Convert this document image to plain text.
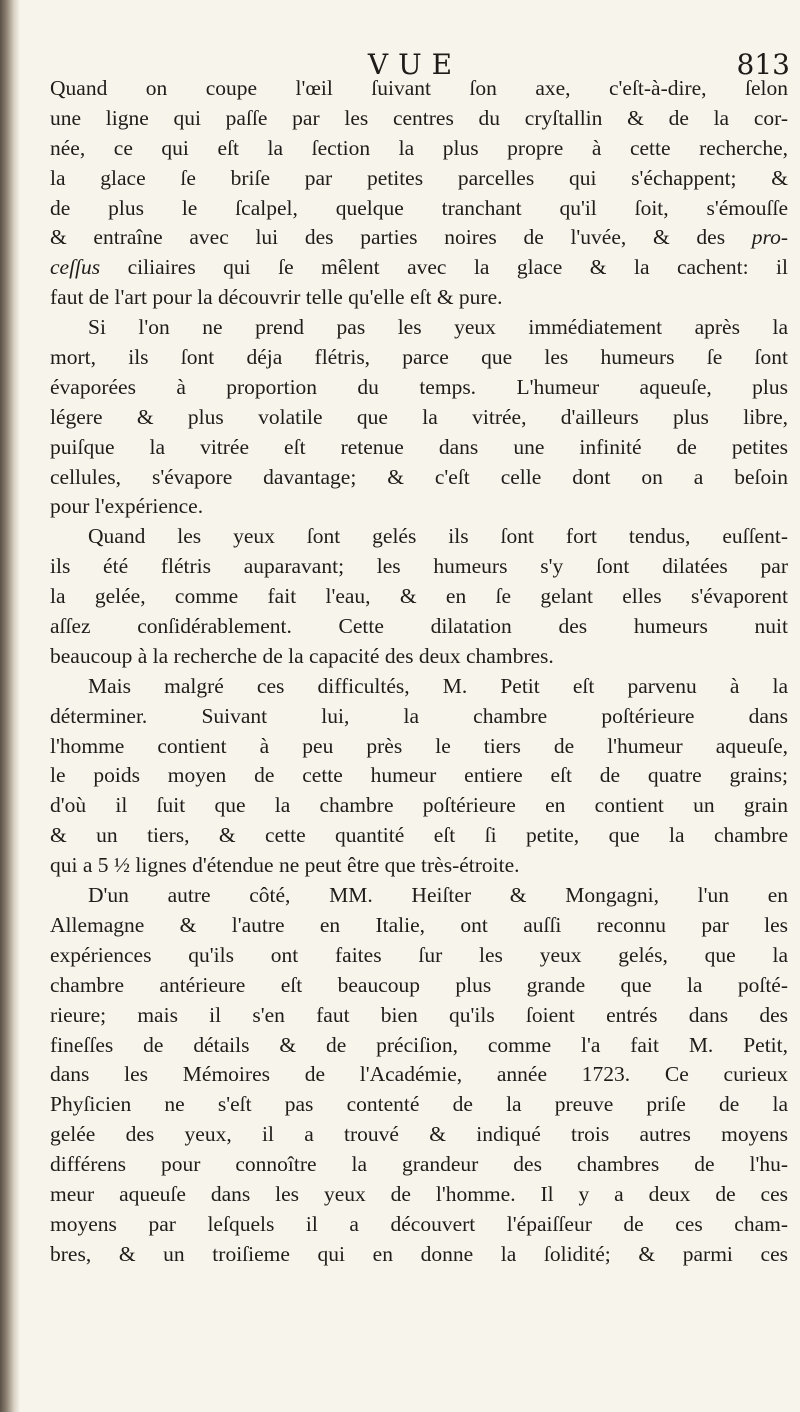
VUE	813
Quand on coupe l'œil ſuivant ſon axe, c'eſt-à-dire, ſelon
une ligne qui paſſe par les centres du cryſtallin & de la cor-
née, ce qui eſt la ſection la plus propre à cette recherche,
la glace ſe briſe par petites parcelles qui s'échappent; &
de plus le ſcalpel, quelque tranchant qu'il ſoit, s'émouſſe
& entraîne avec lui des parties noires de l'uvée, & des pro-
ceſſus ciliaires qui ſe mêlent avec la glace & la cachent: il
faut de l'art pour la découvrir telle qu'elle eſt & pure.
Si l'on ne prend pas les yeux immédiatement après la
mort, ils ſont déja flétris, parce que les humeurs ſe ſont
évaporées à proportion du temps. L'humeur aqueuſe, plus
légere & plus volatile que la vitrée, d'ailleurs plus libre,
puiſque la vitrée eſt retenue dans une infinité de petites
cellules, s'évapore davantage; & c'eſt celle dont on a beſoin
pour l'expérience.
Quand les yeux ſont gelés ils ſont fort tendus, euſſent-
ils été flétris auparavant; les humeurs s'y ſont dilatées par
la gelée, comme fait l'eau, & en ſe gelant elles s'évaporent
aſſez conſidérablement. Cette dilatation des humeurs nuit
beaucoup à la recherche de la capacité des deux chambres.
Mais malgré ces difficultés, M. Petit eſt parvenu à la
déterminer. Suivant lui, la chambre poſtérieure dans
l'homme contient à peu près le tiers de l'humeur aqueuſe,
le poids moyen de cette humeur entiere eſt de quatre grains;
d'où il ſuit que la chambre poſtérieure en contient un grain
& un tiers, & cette quantité eſt ſi petite, que la chambre
qui a 5 ½ lignes d'étendue ne peut être que très-étroite.
D'un autre côté, MM. Heiſter & Mongagni, l'un en
Allemagne & l'autre en Italie, ont auſſi reconnu par les
expériences qu'ils ont faites ſur les yeux gelés, que la
chambre antérieure eſt beaucoup plus grande que la poſté-
rieure; mais il s'en faut bien qu'ils ſoient entrés dans des
fineſſes de détails & de préciſion, comme l'a fait M. Petit,
dans les Mémoires de l'Académie, année 1723. Ce curieux
Phyſicien ne s'eſt pas contenté de la preuve priſe de la
gelée des yeux, il a trouvé & indiqué trois autres moyens
différens pour connoître la grandeur des chambres de l'hu-
meur aqueuſe dans les yeux de l'homme. Il y a deux de ces
moyens par leſquels il a découvert l'épaiſſeur de ces cham-
bres, & un troiſieme qui en donne la ſolidité; & parmi ces
